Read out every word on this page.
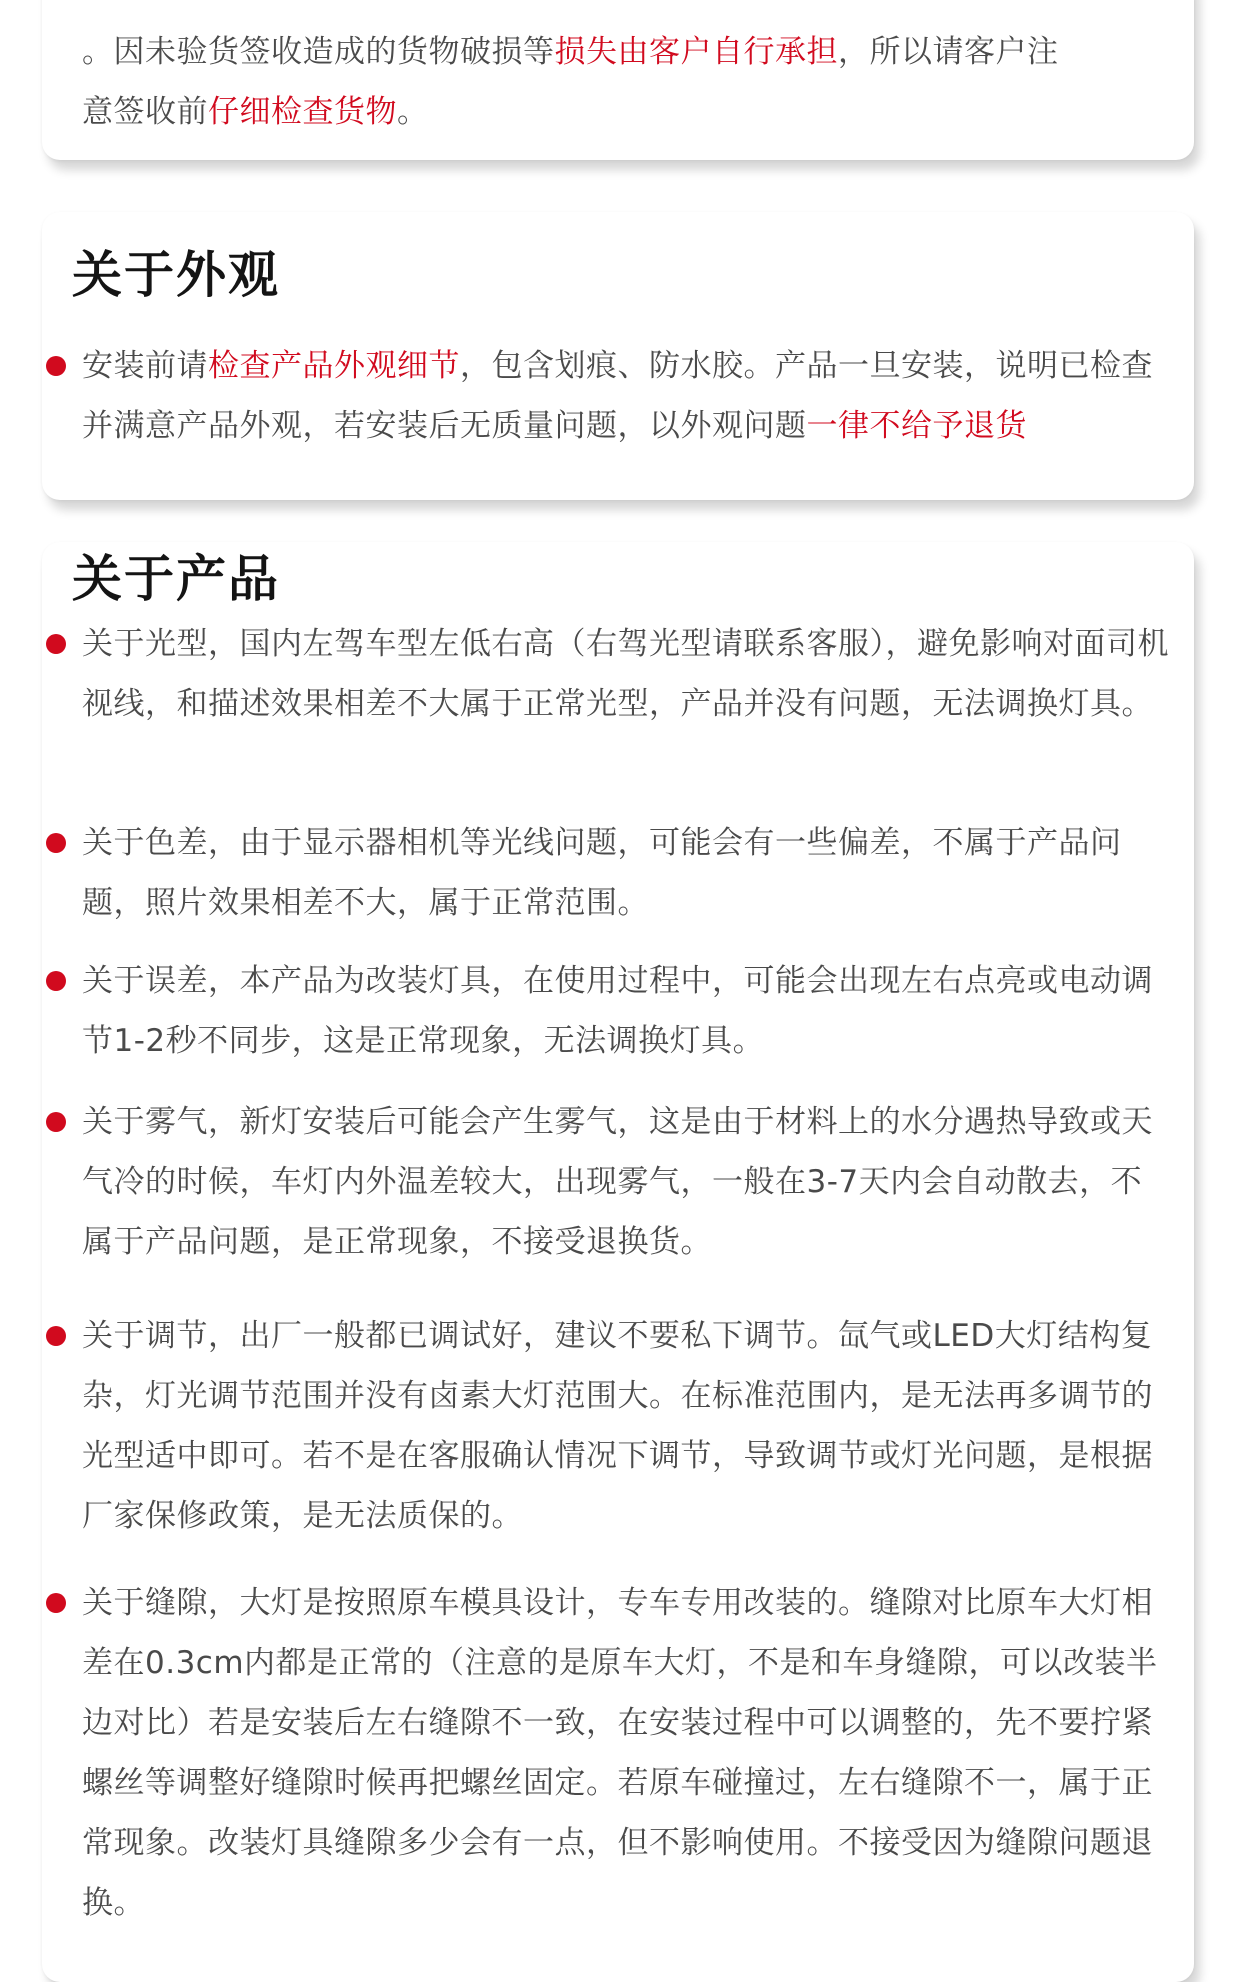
。因未验货签收造成的货物破损等损失由客户自行承担，所以请客户注

意签收前仔细检查货物。

关于外观

安装前请检查产品外观细节，包含划痕、防水胶。产品一旦安装，说明已检查并满意产品外观，若安装后无质量问题，以外观问题一律不给予退货

关于产品

关于光型，国内左驾车型左低右高（右驾光型请联系客服），避免影响对面司机视线，和描述效果相差不大属于正常光型，产品并没有问题，无法调换灯具。

关于色差，由于显示器相机等光线问题，可能会有一些偏差，不属于产品问题，照片效果相差不大，属于正常范围。

关于误差，本产品为改装灯具，在使用过程中，可能会出现左右点亮或电动调节1-2秒不同步，这是正常现象，无法调换灯具。

关于雾气，新灯安装后可能会产生雾气，这是由于材料上的水分遇热导致或天气冷的时候，车灯内外温差较大，出现雾气，一般在3-7天内会自动散去，不属于产品问题，是正常现象，不接受退换货。

关于调节，出厂一般都已调试好，建议不要私下调节。氙气或LED大灯结构复杂，灯光调节范围并没有卤素大灯范围大。在标准范围内，是无法再多调节的光型适中即可。若不是在客服确认情况下调节，导致调节或灯光问题，是根据厂家保修政策，是无法质保的。

关于缝隙，大灯是按照原车模具设计，专车专用改装的。缝隙对比原车大灯相差在0.3cm内都是正常的（注意的是原车大灯，不是和车身缝隙，可以改装半边对比）若是安装后左右缝隙不一致，在安装过程中可以调整的，先不要拧紧螺丝等调整好缝隙时候再把螺丝固定。若原车碰撞过，左右缝隙不一，属于正常现象。改装灯具缝隙多少会有一点，但不影响使用。不接受因为缝隙问题退换。
